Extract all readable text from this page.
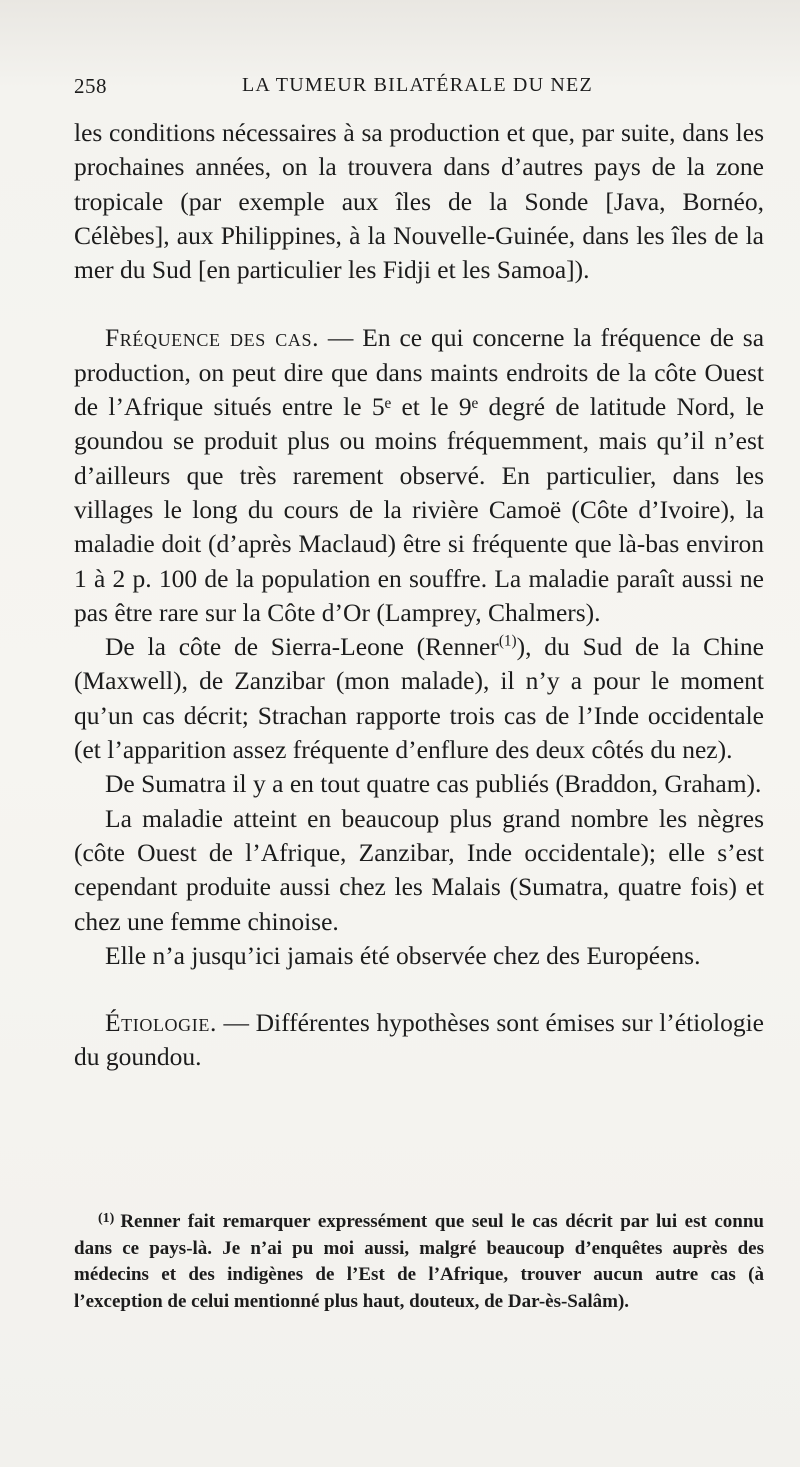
258	LA TUMEUR BILATÉRALE DU NEZ

les conditions nécessaires à sa production et que, par suite, dans les prochaines années, on la trouvera dans d’autres pays de la zone tropicale (par exemple aux îles de la Sonde [Java, Bornéo, Célèbes], aux Philippines, à la Nouvelle-Guinée, dans les îles de la mer du Sud [en particulier les Fidji et les Samoa]).

Fréquence des cas. — En ce qui concerne la fréquence de sa production, on peut dire que dans maints endroits de la côte Ouest de l’Afrique situés entre le 5ᵉ et le 9ᵉ degré de latitude Nord, le goundou se produit plus ou moins fréquemment, mais qu’il n’est d’ailleurs que très rarement observé. En particulier, dans les villages le long du cours de la rivière Camoë (Côte d’Ivoire), la maladie doit (d’après Maclaud) être si fréquente que là-bas environ 1 à 2 p. 100 de la population en souffre. La maladie paraît aussi ne pas être rare sur la Côte d’Or (Lamprey, Chalmers).

De la côte de Sierra-Leone (Renner$^{(1)}$), du Sud de la Chine (Maxwell), de Zanzibar (mon malade), il n’y a pour le moment qu’un cas décrit; Strachan rapporte trois cas de l’Inde occidentale (et l’apparition assez fréquente d’enflure des deux côtés du nez).

De Sumatra il y a en tout quatre cas publiés (Braddon, Graham).

La maladie atteint en beaucoup plus grand nombre les nègres (côte Ouest de l’Afrique, Zanzibar, Inde occidentale); elle s’est cependant produite aussi chez les Malais (Sumatra, quatre fois) et chez une femme chinoise.

Elle n’a jusqu’ici jamais été observée chez des Européens.

Étiologie. — Différentes hypothèses sont émises sur l’étiologie du goundou.

$^{(1)}$ Renner fait remarquer expressément que seul le cas décrit par lui est connu dans ce pays-là. Je n’ai pu moi aussi, malgré beaucoup d’enquêtes auprès des médecins et des indigènes de l’Est de l’Afrique, trouver aucun autre cas (à l’exception de celui mentionné plus haut, douteux, de Dar-ès-Salâm).
